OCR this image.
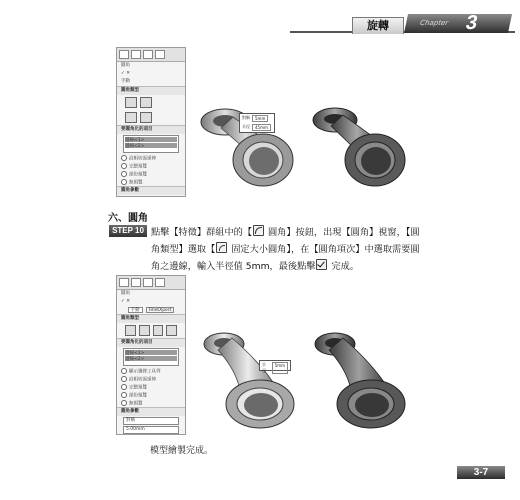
旋轉	Chapter 3
圓角
✓ ✕
手動
圓角類型
要圓角化的項目
邊線<1>
邊線<2>
沿相切面延伸
完整預覽
部份預覽
無預覽
圓角參數
對稱	5mm
半徑	45mm
六、圓角
STEP 10 點擊【特徵】群組中的【 圓角】按鈕，出現【圓角】視窗，【圓
角類型】選取【 固定大小圓角】，在【圓角項次】中選取需要圓
角之邊線，輸入半徑值 5mm，最後點擊 完成。
圓角
✓ ✕
手動	FilletXpert
圓角類型
要圓角化的項目
邊線<1>
邊線<2>
顯示選擇工具列
沿相切面延伸
完整預覽
部份預覽
無預覽
圓角參數
對稱
5.00mm
半徑
5mm
模型繪製完成。
3-7
